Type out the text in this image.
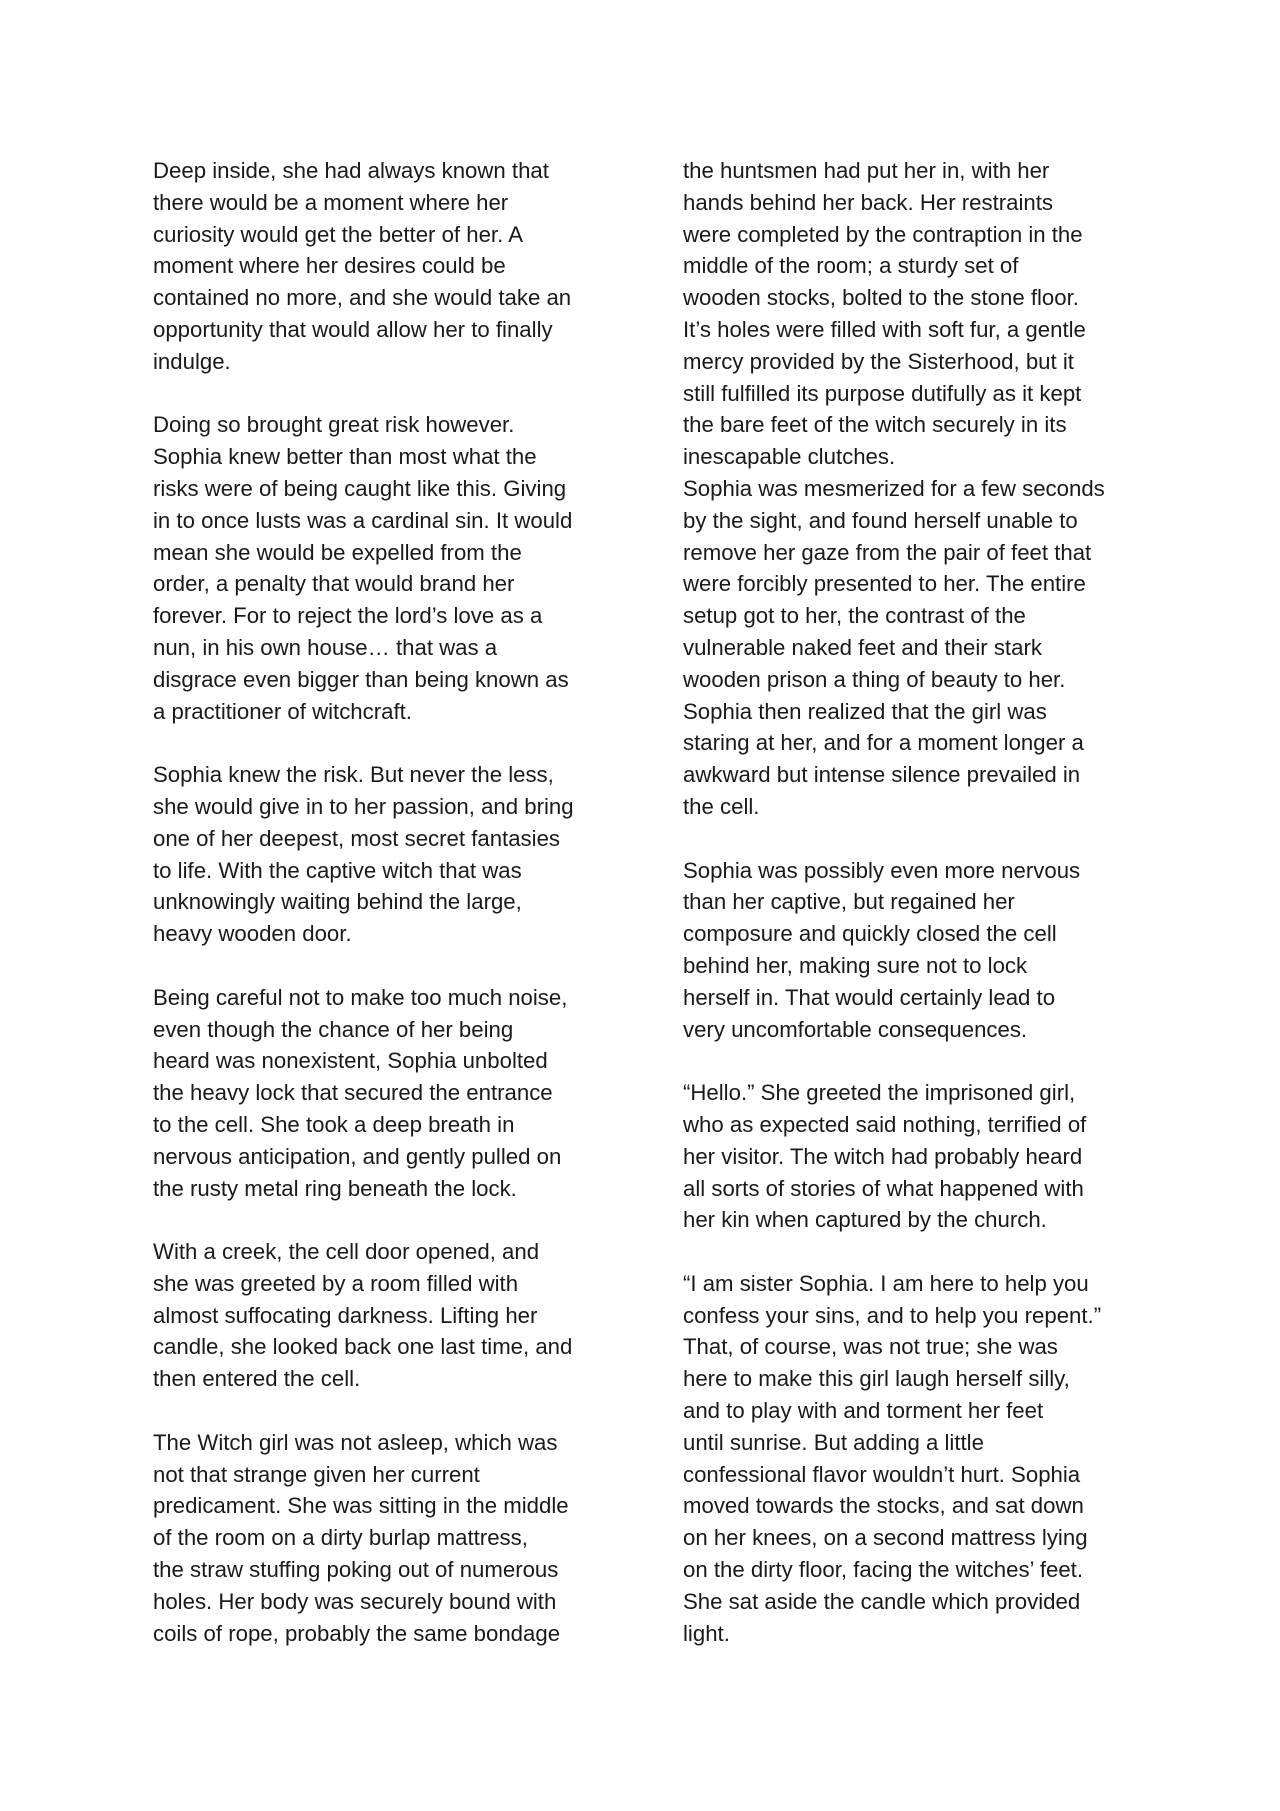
Deep inside, she had always known that
there would be a moment where her
curiosity would get the better of her. A
moment where her desires could be
contained no more, and she would take an
opportunity that would allow her to finally
indulge.

Doing so brought great risk however.
Sophia knew better than most what the
risks were of being caught like this. Giving
in to once lusts was a cardinal sin. It would
mean she would be expelled from the
order, a penalty that would brand her
forever. For to reject the lord’s love as a
nun, in his own house… that was a
disgrace even bigger than being known as
a practitioner of witchcraft.

Sophia knew the risk. But never the less,
she would give in to her passion, and bring
one of her deepest, most secret fantasies
to life. With the captive witch that was
unknowingly waiting behind the large,
heavy wooden door.

Being careful not to make too much noise,
even though the chance of her being
heard was nonexistent, Sophia unbolted
the heavy lock that secured the entrance
to the cell. She took a deep breath in
nervous anticipation, and gently pulled on
the rusty metal ring beneath the lock.

With a creek, the cell door opened, and
she was greeted by a room filled with
almost suffocating darkness. Lifting her
candle, she looked back one last time, and
then entered the cell.

The Witch girl was not asleep, which was
not that strange given her current
predicament. She was sitting in the middle
of the room on a dirty burlap mattress,
the straw stuffing poking out of numerous
holes. Her body was securely bound with
coils of rope, probably the same bondage

the huntsmen had put her in, with her
hands behind her back. Her restraints
were completed by the contraption in the
middle of the room; a sturdy set of
wooden stocks, bolted to the stone floor.
It’s holes were filled with soft fur, a gentle
mercy provided by the Sisterhood, but it
still fulfilled its purpose dutifully as it kept
the bare feet of the witch securely in its
inescapable clutches.

Sophia was mesmerized for a few seconds
by the sight, and found herself unable to
remove her gaze from the pair of feet that
were forcibly presented to her. The entire
setup got to her, the contrast of the
vulnerable naked feet and their stark
wooden prison a thing of beauty to her.
Sophia then realized that the girl was
staring at her, and for a moment longer a
awkward but intense silence prevailed in
the cell.

Sophia was possibly even more nervous
than her captive, but regained her
composure and quickly closed the cell
behind her, making sure not to lock
herself in. That would certainly lead to
very uncomfortable consequences.

“Hello.” She greeted the imprisoned girl,
who as expected said nothing, terrified of
her visitor. The witch had probably heard
all sorts of stories of what happened with
her kin when captured by the church.

“I am sister Sophia. I am here to help you
confess your sins, and to help you repent.”
That, of course, was not true; she was
here to make this girl laugh herself silly,
and to play with and torment her feet
until sunrise. But adding a little
confessional flavor wouldn’t hurt. Sophia
moved towards the stocks, and sat down
on her knees, on a second mattress lying
on the dirty floor, facing the witches’ feet.
She sat aside the candle which provided
light.
